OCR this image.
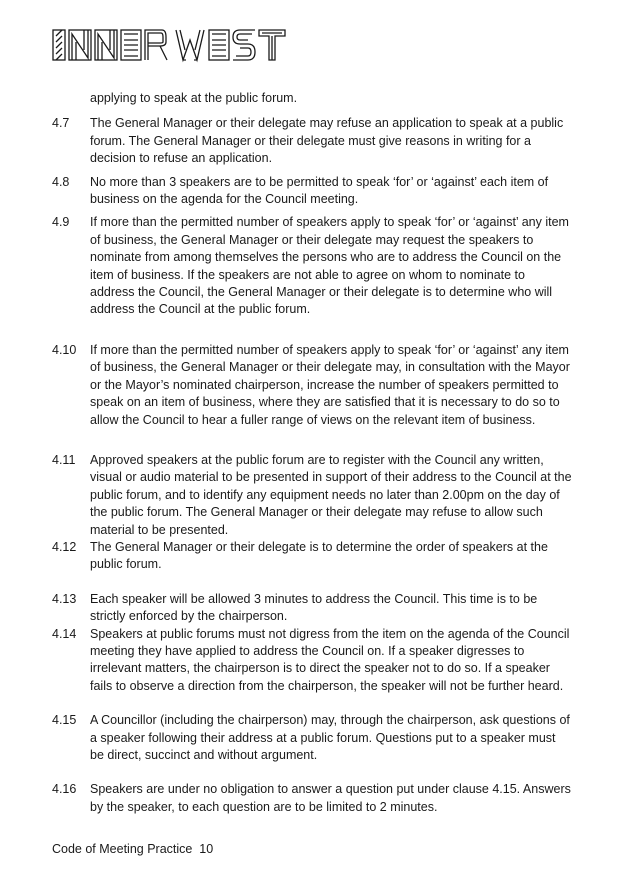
applying to speak at the public forum.
4.7	The General Manager or their delegate may refuse an application to speak at a public forum. The General Manager or their delegate must give reasons in writing for a decision to refuse an application.
4.8	No more than 3 speakers are to be permitted to speak ‘for’ or ‘against’ each item of business on the agenda for the Council meeting.
4.9	If more than the permitted number of speakers apply to speak ‘for’ or ‘against’ any item of business, the General Manager or their delegate may request the speakers to nominate from among themselves the persons who are to address the Council on the item of business. If the speakers are not able to agree on whom to nominate to address the Council, the General Manager or their delegate is to determine who will address the Council at the public forum.
4.10	If more than the permitted number of speakers apply to speak ‘for’ or ‘against’ any item of business, the General Manager or their delegate may, in consultation with the Mayor or the Mayor’s nominated chairperson, increase the number of speakers permitted to speak on an item of business, where they are satisfied that it is necessary to do so to allow the Council to hear a fuller range of views on the relevant item of business.
4.11	Approved speakers at the public forum are to register with the Council any written, visual or audio material to be presented in support of their address to the Council at the public forum, and to identify any equipment needs no later than 2.00pm on the day of the public forum. The General Manager or their delegate may refuse to allow such material to be presented.
4.12	The General Manager or their delegate is to determine the order of speakers at the public forum.
4.13	Each speaker will be allowed 3 minutes to address the Council. This time is to be strictly enforced by the chairperson.
4.14	Speakers at public forums must not digress from the item on the agenda of the Council meeting they have applied to address the Council on. If a speaker digresses to irrelevant matters, the chairperson is to direct the speaker not to do so. If a speaker fails to observe a direction from the chairperson, the speaker will not be further heard.
4.15	A Councillor (including the chairperson) may, through the chairperson, ask questions of a speaker following their address at a public forum. Questions put to a speaker must be direct, succinct and without argument.
4.16	Speakers are under no obligation to answer a question put under clause 4.15. Answers by the speaker, to each question are to be limited to 2 minutes.
Code of Meeting Practice  10
